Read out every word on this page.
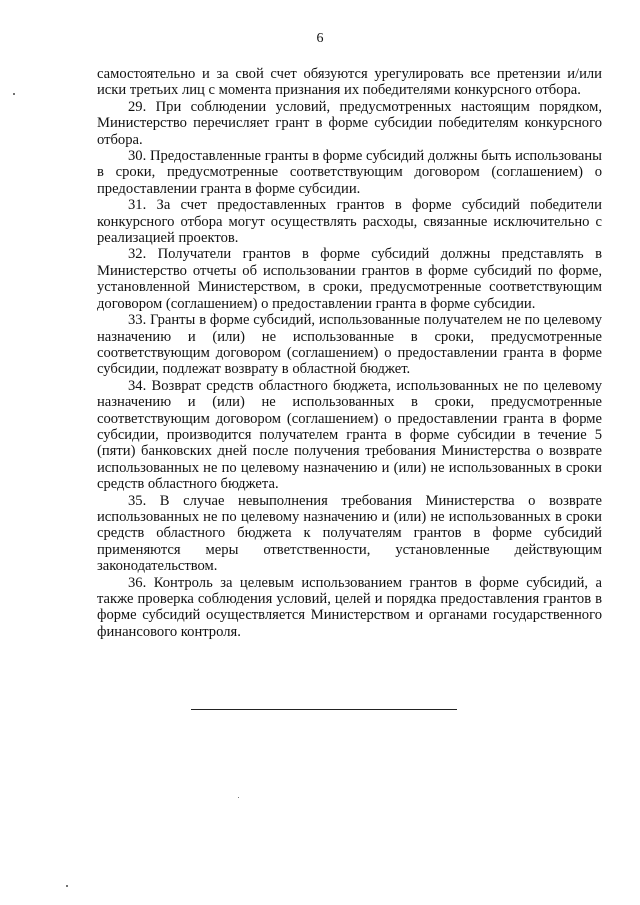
6

самостоятельно и за свой счет обязуются урегулировать все претензии и/или иски третьих лиц с момента признания их победителями конкурсного отбора.

29. При соблюдении условий, предусмотренных настоящим порядком, Министерство перечисляет грант в форме субсидии победителям конкурсного отбора.

30. Предоставленные гранты в форме субсидий должны быть использованы в сроки, предусмотренные соответствующим договором (соглашением) о предоставлении гранта в форме субсидии.

31. За счет предоставленных грантов в форме субсидий победители конкурсного отбора могут осуществлять расходы, связанные исключительно с реализацией проектов.

32. Получатели грантов в форме субсидий должны представлять в Министерство отчеты об использовании грантов в форме субсидий по форме, установленной Министерством, в сроки, предусмотренные соответствующим договором (соглашением) о предоставлении гранта в форме субсидии.

33. Гранты в форме субсидий, использованные получателем не по целевому назначению и (или) не использованные в сроки, предусмотренные соответствующим договором (соглашением) о предоставлении гранта в форме субсидии, подлежат возврату в областной бюджет.

34. Возврат средств областного бюджета, использованных не по целевому назначению и (или) не использованных в сроки, предусмотренные соответствующим договором (соглашением) о предоставлении гранта в форме субсидии, производится получателем гранта в форме субсидии в течение 5 (пяти) банковских дней после получения требования Министерства о возврате использованных не по целевому назначению и (или) не использованных в сроки средств областного бюджета.

35. В случае невыполнения требования Министерства о возврате использованных не по целевому назначению и (или) не использованных в сроки средств областного бюджета к получателям грантов в форме субсидий применяются меры ответственности, установленные действующим законодательством.

36. Контроль за целевым использованием грантов в форме субсидий, а также проверка соблюдения условий, целей и порядка предоставления грантов в форме субсидий осуществляется Министерством и органами государственного финансового контроля.
